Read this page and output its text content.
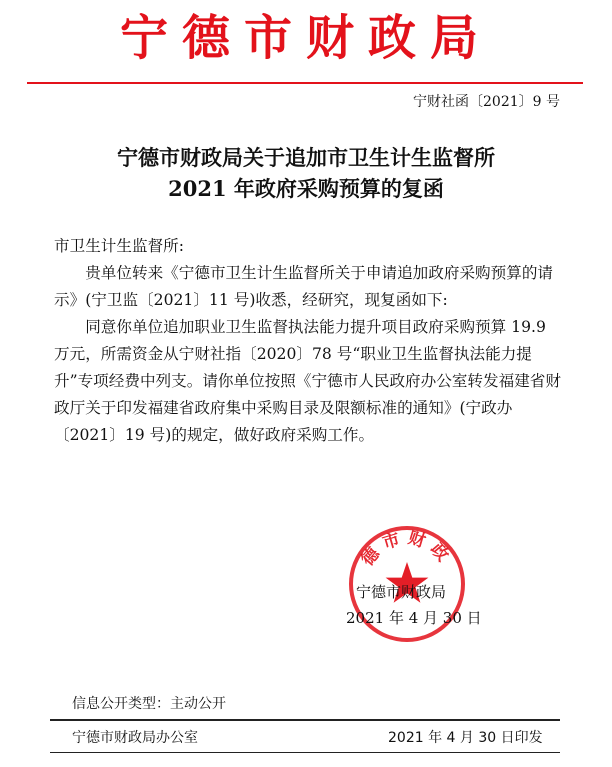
宁德市财政局
宁财社函〔2021〕9 号
宁德市财政局关于追加市卫生计生监督所
2021 年政府采购预算的复函

市卫生计生监督所:

贵单位转来《宁德市卫生计生监督所关于申请追加政府采购预算的请示》(宁卫监〔2021〕11 号)收悉，经研究，现复函如下:

同意你单位追加职业卫生监督执法能力提升项目政府采购预算 19.9 万元，所需资金从宁财社指〔2020〕78 号“职业卫生监督执法能力提升”专项经费中列支。请你单位按照《宁德市人民政府办公室转发福建省财政厅关于印发福建省政府集中采购目录及限额标准的通知》(宁政办〔2021〕19 号)的规定，做好政府采购工作。

德市财政
宁德市财政局
2021 年 4 月 30 日
信息公开类型：主动公开
宁德市财政局办公室	2021 年 4 月 30 日印发
